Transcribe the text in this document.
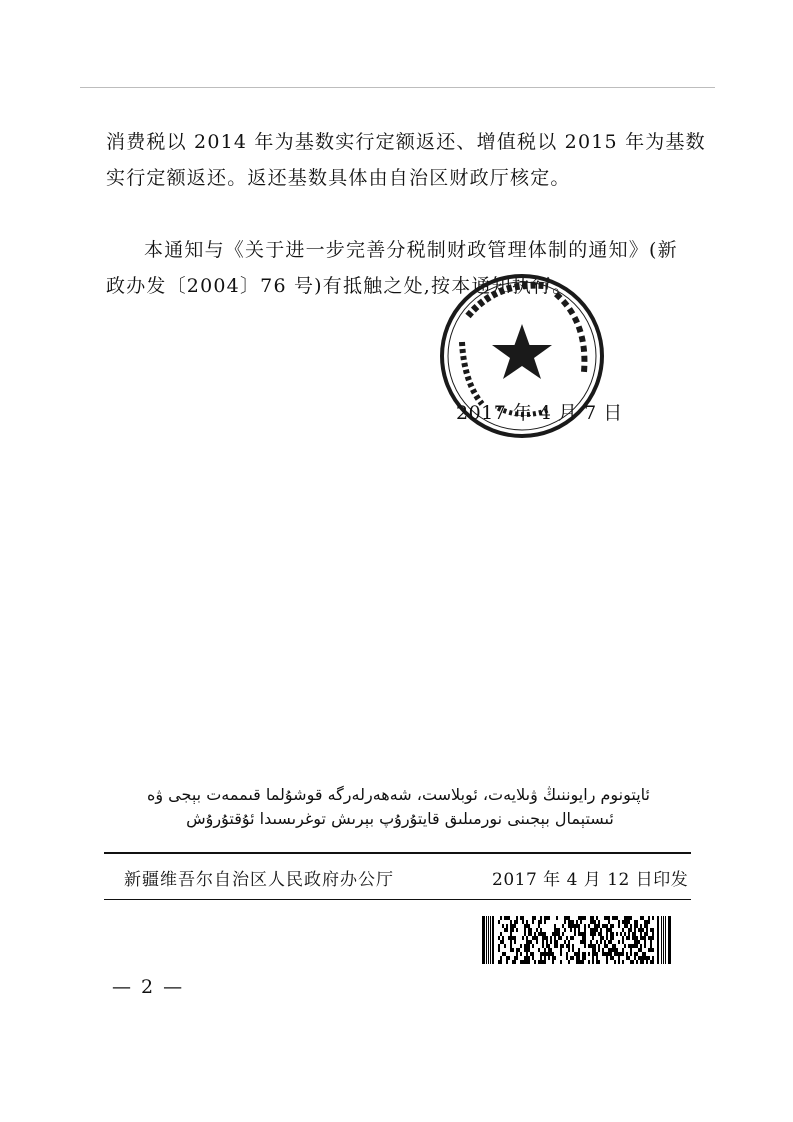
消费税以 2014 年为基数实行定额返还、增值税以 2015 年为基数
实行定额返还。返还基数具体由自治区财政厅核定。
本通知与《关于进一步完善分税制财政管理体制的通知》(新
政办发〔2004〕76 号)有抵触之处,按本通知执行。
2017 年 4 月 7 日
ئاپتونوم رايوننىڭ ۋىلايەت، ئوبلاست، شەھەرلەرگە قوشۇلما قىممەت بېجى ۋە
ئىستېمال بېجىنى نورمىلىق قايتۇرۇپ بېرىش توغرىسىدا ئۇقتۇرۇش
新疆维吾尔自治区人民政府办公厅	2017 年 4 月 12 日印发
— 2 —
